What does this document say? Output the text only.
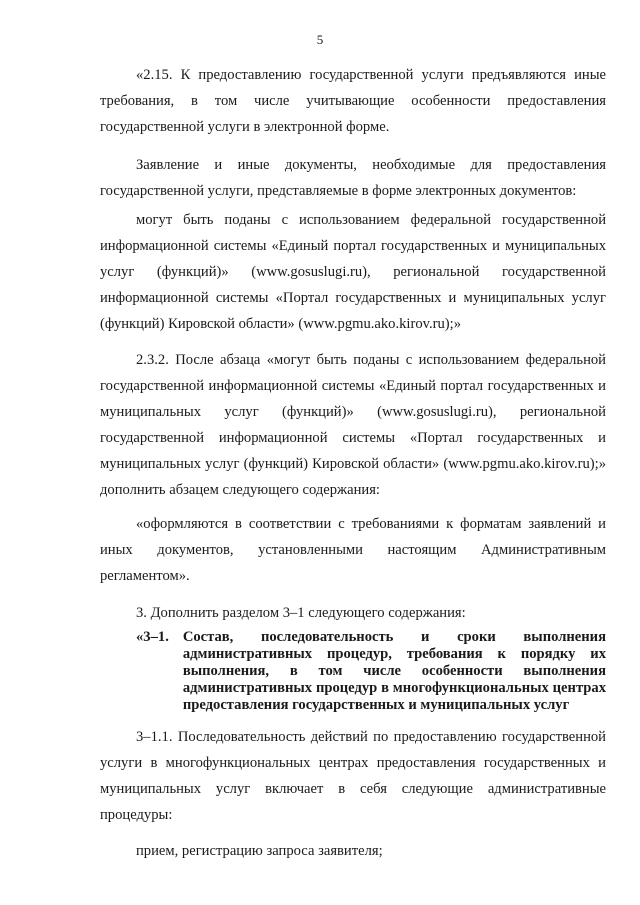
5

«2.15. К предоставлению государственной услуги предъявляются иные требования, в том числе учитывающие особенности предоставления государственной услуги в электронной форме.

Заявление и иные документы, необходимые для предоставления государственной услуги, представляемые в форме электронных документов:

могут быть поданы с использованием федеральной государственной информационной системы «Единый портал государственных и муниципальных услуг (функций)» (www.gosuslugi.ru), региональной государственной информационной системы «Портал государственных и муниципальных услуг (функций) Кировской области» (www.pgmu.ako.kirov.ru);»

2.3.2. После абзаца «могут быть поданы с использованием федеральной государственной информационной системы «Единый портал государственных и муниципальных услуг (функций)» (www.gosuslugi.ru), региональной государственной информационной системы «Портал государственных и муниципальных услуг (функций) Кировской области» (www.pgmu.ako.kirov.ru);» дополнить абзацем следующего содержания:

«оформляются в соответствии с требованиями к форматам заявлений и иных документов, установленными настоящим Административным регламентом».

3. Дополнить разделом 3–1 следующего содержания:

«3–1. Состав, последовательность и сроки выполнения административных процедур, требования к порядку их выполнения, в том числе особенности выполнения административных процедур в многофункциональных центрах предоставления государственных и муниципальных услуг

3–1.1. Последовательность действий по предоставлению государственной услуги в многофункциональных центрах предоставления государственных и муниципальных услуг включает в себя следующие административные процедуры:

прием, регистрацию запроса заявителя;
